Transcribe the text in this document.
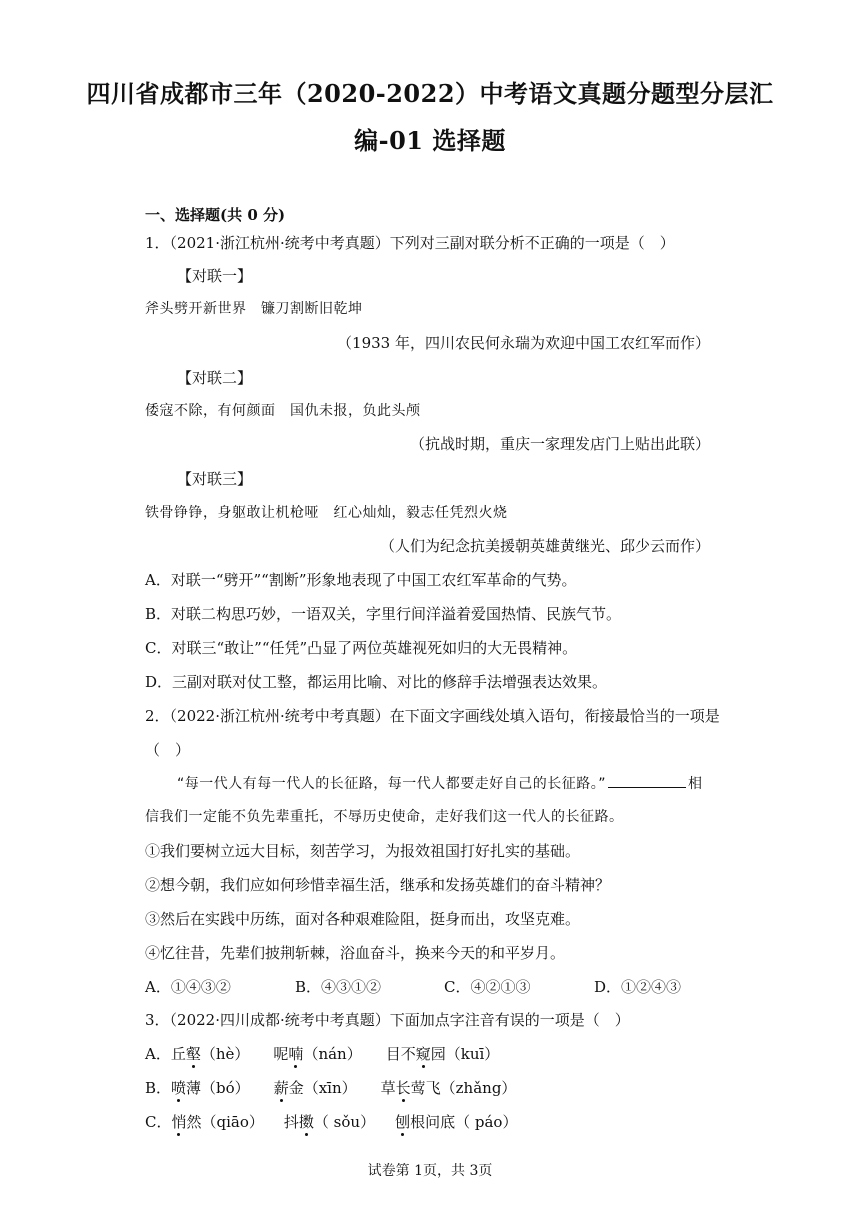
四川省成都市三年（2020-2022）中考语文真题分题型分层汇
编-01 选择题
一、选择题(共 0 分)
1．（2021·浙江杭州·统考中考真题）下列对三副对联分析不正确的一项是（　）
【对联一】
斧头劈开新世界　镰刀割断旧乾坤
（1933 年，四川农民何永瑞为欢迎中国工农红军而作）
【对联二】
倭寇不除，有何颜面　国仇未报，负此头颅
（抗战时期，重庆一家理发店门上贴出此联）
【对联三】
铁骨铮铮，身躯敢让机枪哑　红心灿灿，毅志任凭烈火烧
（人们为纪念抗美援朝英雄黄继光、邱少云而作）
A．对联一“劈开”“割断”形象地表现了中国工农红军革命的气势。
B．对联二构思巧妙，一语双关，字里行间洋溢着爱国热情、民族气节。
C．对联三“敢让”“任凭”凸显了两位英雄视死如归的大无畏精神。
D．三副对联对仗工整，都运用比喻、对比的修辞手法增强表达效果。
2．（2022·浙江杭州·统考中考真题）在下面文字画线处填入语句，衔接最恰当的一项是
（　）
“每一代人有每一代人的长征路，每一代人都要走好自己的长征路。”	相
信我们一定能不负先辈重托，不辱历史使命，走好我们这一代人的长征路。
①我们要树立远大目标，刻苦学习，为报效祖国打好扎实的基础。
②想今朝，我们应如何珍惜幸福生活，继承和发扬英雄们的奋斗精神？
③然后在实践中历练，面对各种艰难险阻，挺身而出，攻坚克难。
④忆往昔，先辈们披荆斩棘，浴血奋斗，换来今天的和平岁月。
A．①④③②	B．④③①②	C．④②①③	D．①②④③
3．（2022·四川成都·统考中考真题）下面加点字注音有误的一项是（　）
A．丘壑（hè） 呢喃（nán） 目不窥园（kuī）
B．喷薄（bó） 薪金（xīn） 草长莺飞（zhǎng）
C．悄然（qiāo） 抖擞（ sǒu） 刨根问底（ páo）
试卷第 1页，共 3页
